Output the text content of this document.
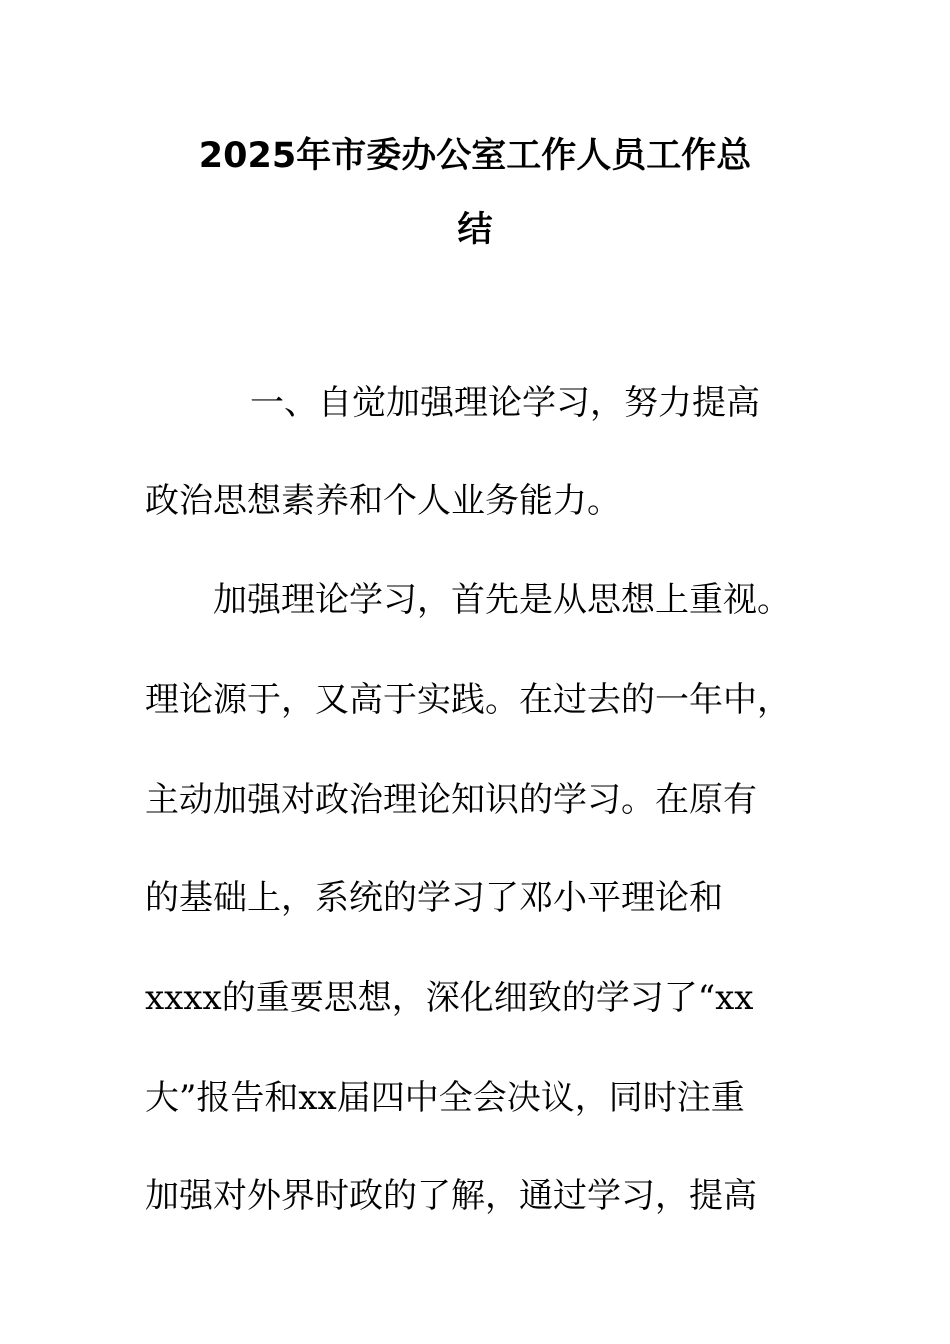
2025年市委办公室工作人员工作总
结
一、自觉加强理论学习，努力提高
政治思想素养和个人业务能力。
加强理论学习，首先是从思想上重视。
理论源于，又高于实践。在过去的一年中，
主动加强对政治理论知识的学习。在原有
的基础上，系统的学习了邓小平理论和
xxxx的重要思想，深化细致的学习了“xx
大”报告和xx届四中全会决议，同时注重
加强对外界时政的了解，通过学习，提高
